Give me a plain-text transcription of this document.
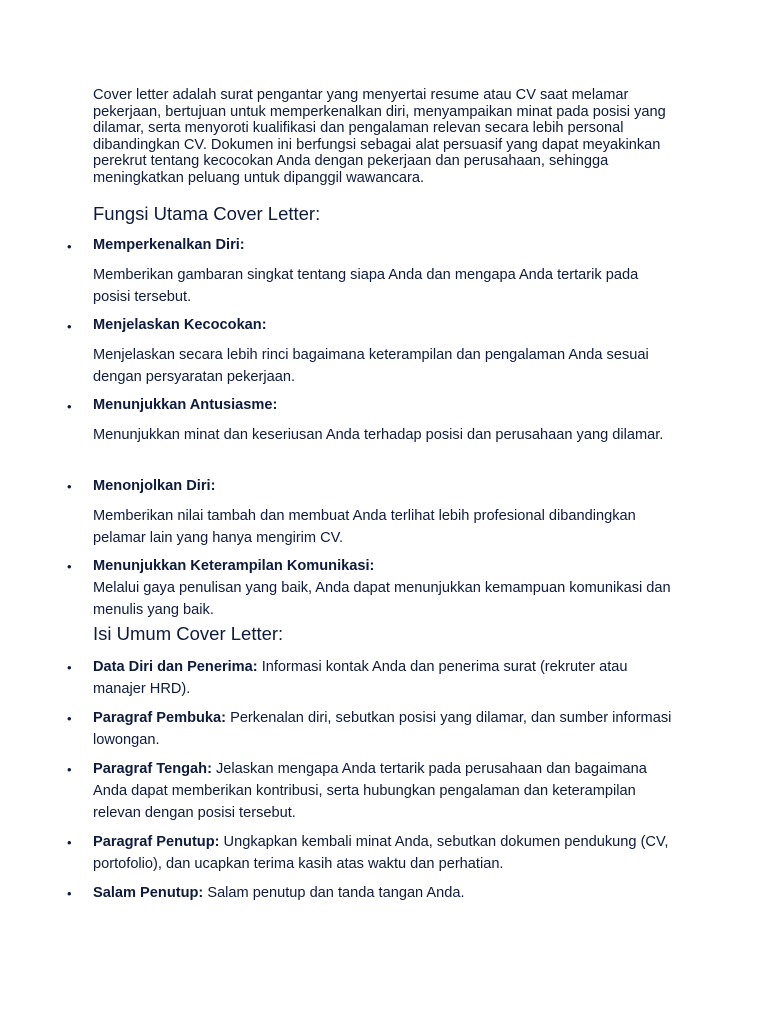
Cover letter adalah surat pengantar yang menyertai resume atau CV saat melamar pekerjaan, bertujuan untuk memperkenalkan diri, menyampaikan minat pada posisi yang dilamar, serta menyoroti kualifikasi dan pengalaman relevan secara lebih personal dibandingkan CV. Dokumen ini berfungsi sebagai alat persuasif yang dapat meyakinkan perekrut tentang kecocokan Anda dengan pekerjaan dan perusahaan, sehingga meningkatkan peluang untuk dipanggil wawancara.

Fungsi Utama Cover Letter:
• Memperkenalkan Diri:

Memberikan gambaran singkat tentang siapa Anda dan mengapa Anda tertarik pada posisi tersebut.

• Menjelaskan Kecocokan:

Menjelaskan secara lebih rinci bagaimana keterampilan dan pengalaman Anda sesuai dengan persyaratan pekerjaan.

• Menunjukkan Antusiasme:

Menunjukkan minat dan keseriusan Anda terhadap posisi dan perusahaan yang dilamar.

• Menonjolkan Diri:

Memberikan nilai tambah dan membuat Anda terlihat lebih profesional dibandingkan pelamar lain yang hanya mengirim CV.

• Menunjukkan Keterampilan Komunikasi:

Melalui gaya penulisan yang baik, Anda dapat menunjukkan kemampuan komunikasi dan menulis yang baik.

Isi Umum Cover Letter:
• Data Diri dan Penerima: Informasi kontak Anda dan penerima surat (rekruter atau manajer HRD).

• Paragraf Pembuka: Perkenalan diri, sebutkan posisi yang dilamar, dan sumber informasi lowongan.

• Paragraf Tengah: Jelaskan mengapa Anda tertarik pada perusahaan dan bagaimana Anda dapat memberikan kontribusi, serta hubungkan pengalaman dan keterampilan relevan dengan posisi tersebut.

• Paragraf Penutup: Ungkapkan kembali minat Anda, sebutkan dokumen pendukung (CV, portofolio), dan ucapkan terima kasih atas waktu dan perhatian.

• Salam Penutup: Salam penutup dan tanda tangan Anda.
